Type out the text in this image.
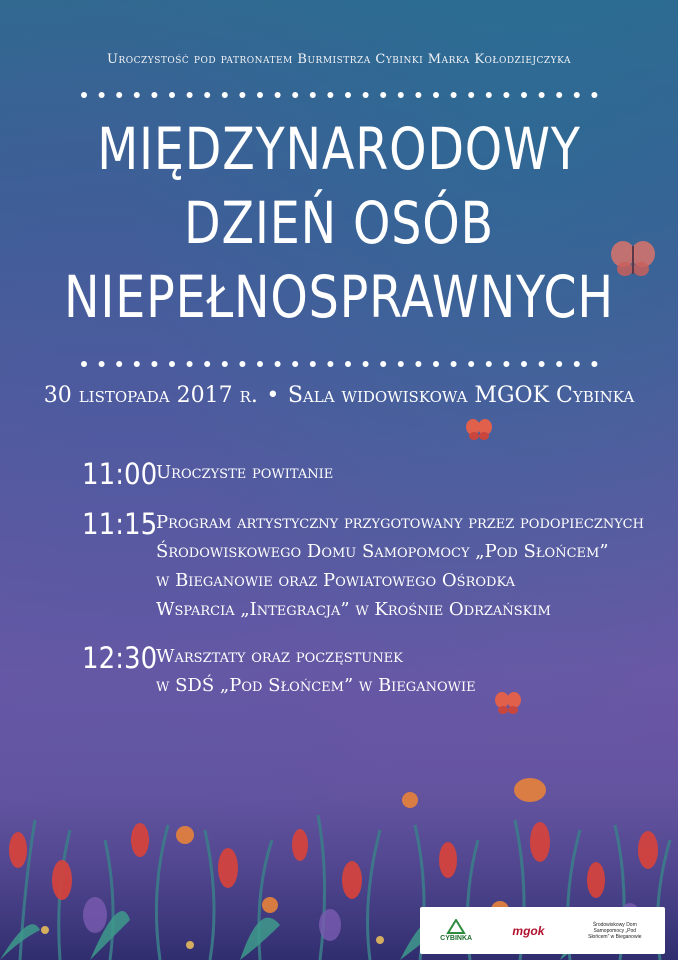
Uroczystość pod patronatem Burmistrza Cybinki Marka Kołodziejczyka
MIĘDZYNARODOWY
DZIEŃ OSÓB
NIEPEŁNOSPRAWNYCH
30 listopada 2017 r. • Sala widowiskowa MGOK Cybinka
11:00
Uroczyste powitanie
11:15
Program artystyczny przygotowany przez podopiecznych
Środowiskowego Domu Samopomocy „Pod Słońcem”
w Bieganowie oraz Powiatowego Ośrodka
Wsparcia „Integracja” w Krośnie Odrzańskim
12:30
Warsztaty oraz poczęstunek
w SDŚ „Pod Słońcem” w Bieganowie
CYBINKA
mgok	Środowiskowy Dom Samopomocy „Pod Słońcem” w Bieganowie
